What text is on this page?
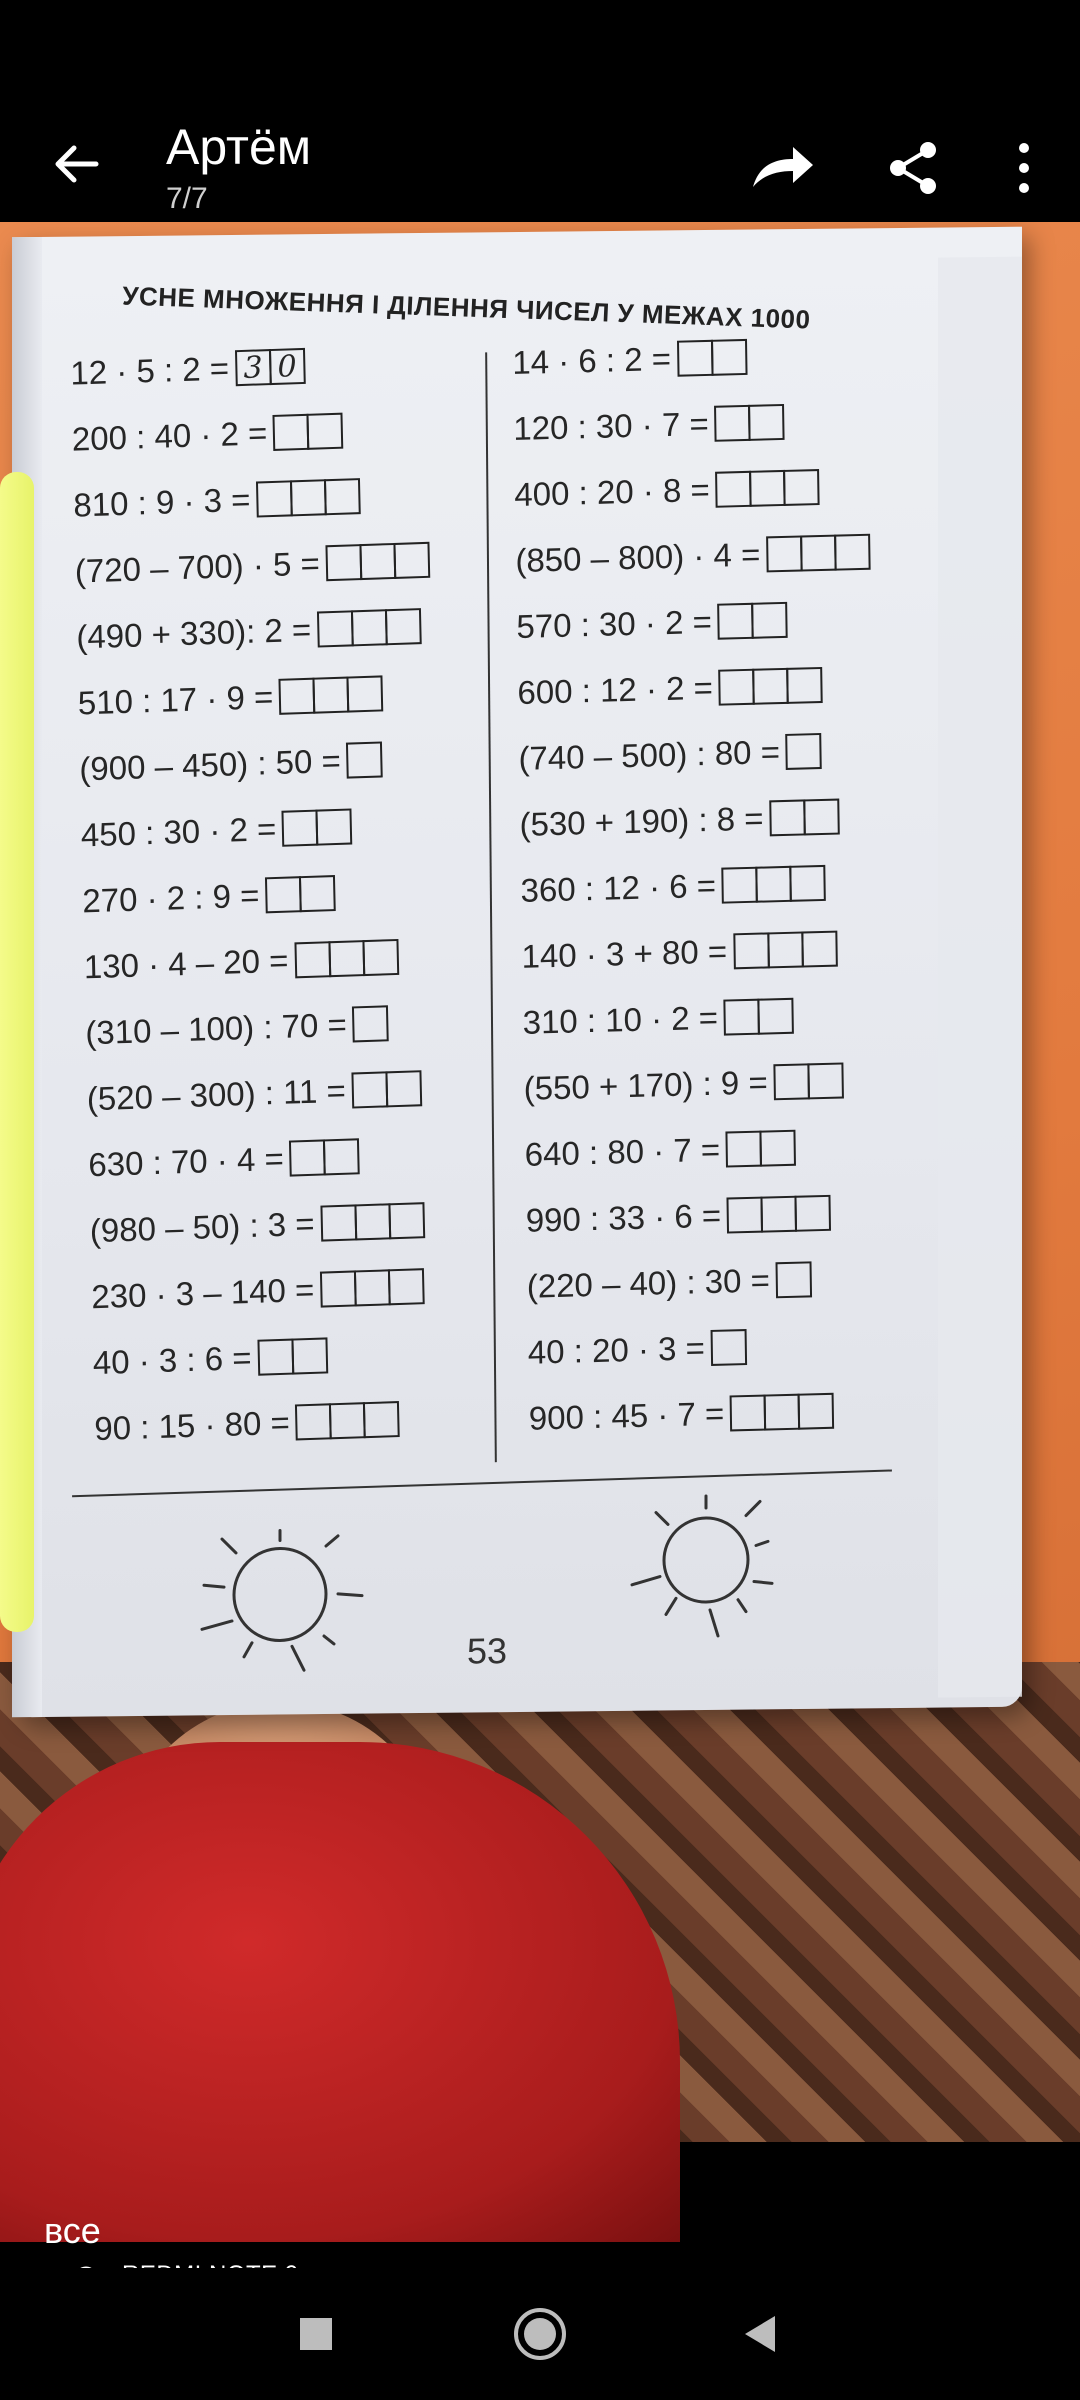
Артём
7/7
УСНЕ МНОЖЕННЯ І ДІЛЕННЯ ЧИСЕЛ У МЕЖАХ 1000
12 · 5 : 2 = 3 0
200 : 40 · 2 =
810 : 9 · 3 =
(720 – 700) · 5 =
(490 + 330): 2 =
510 : 17 · 9 =
(900 – 450) : 50 =
450 : 30 · 2 =
270 · 2 : 9 =
130 · 4 – 20 =
(310 – 100) : 70 =
(520 – 300) : 11 =
630 : 70 · 4 =
(980 – 50) : 3 =
230 · 3 – 140 =
40 · 3 : 6 =
90 : 15 · 80 =
14 · 6 : 2 =
120 : 30 · 7 =
400 : 20 · 8 =
(850 – 800) · 4 =
570 : 30 · 2 =
600 : 12 · 2 =
(740 – 500) : 80 =
(530 + 190) : 8 =
360 : 12 · 6 =
140 · 3 + 80 =
310 : 10 · 2 =
(550 + 170) : 9 =
640 : 80 · 7 =
990 : 33 · 6 =
(220 – 40) : 30 =
40 : 20 · 3 =
900 : 45 · 7 =
53
все
